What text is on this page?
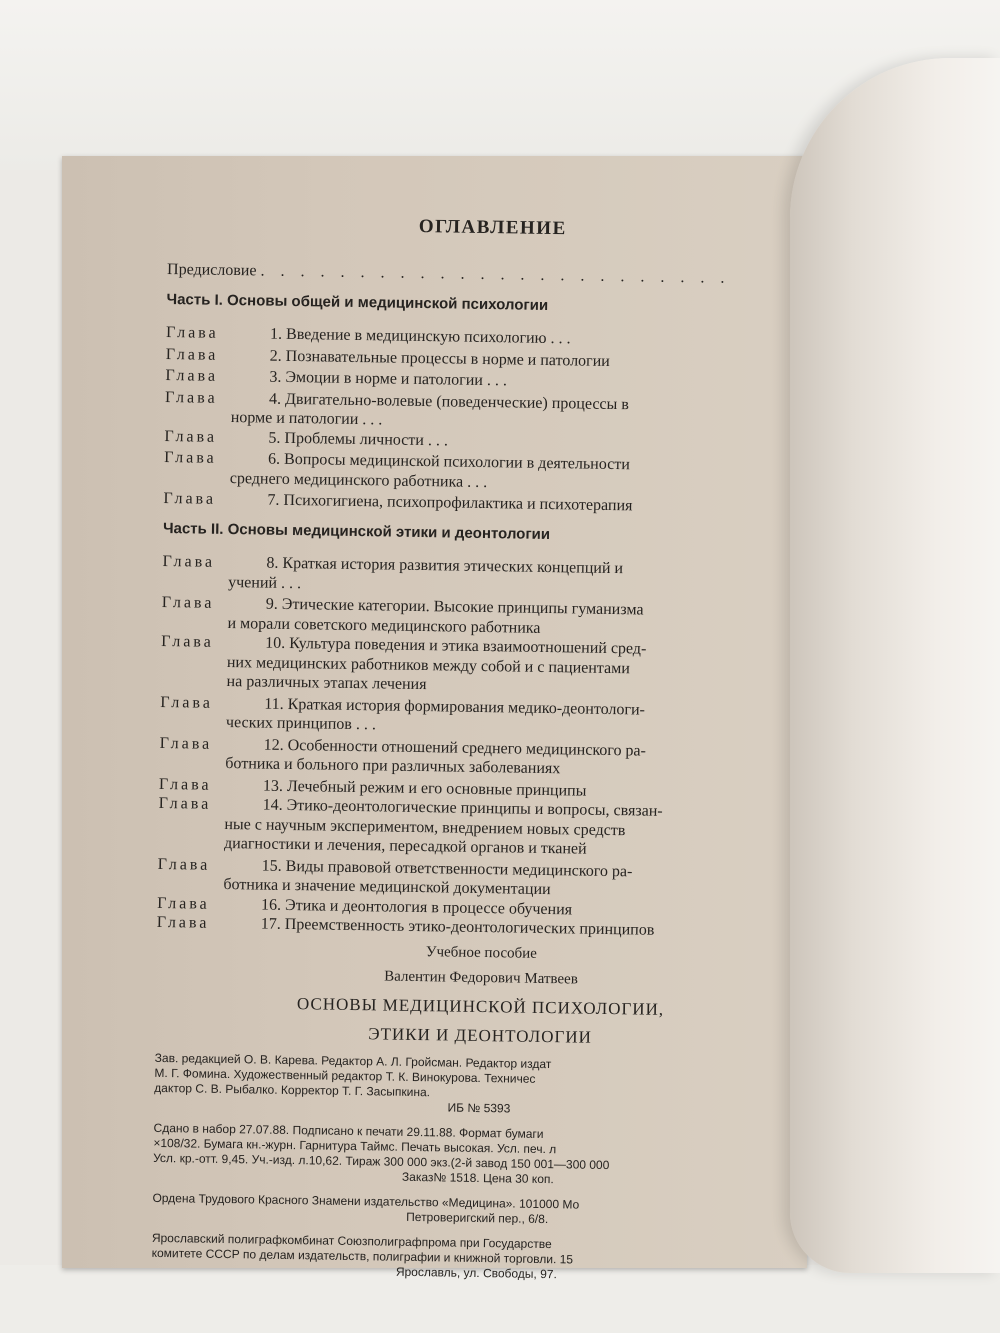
ОГЛАВЛЕНИЕ
Предисловие . . . . . . . . . . . . . . . . . . . . . . . .
Часть I. Основы общей и медицинской психологии
Глава	1. Введение в медицинскую психологию . . .
Глава	2. Познавательные процессы в норме и патологии
Глава	3. Эмоции в норме и патологии . . .
Глава	4. Двигательно-волевые (поведенческие) процессы в
норме и патологии . . .
Глава	5. Проблемы личности . . .
Глава	6. Вопросы медицинской психологии в деятельности
среднего медицинского работника . . .
Глава	7. Психогигиена, психопрофилактика и психотерапия
Часть II. Основы медицинской этики и деонтологии
Глава	8. Краткая история развития этических концепций и
учений . . .
Глава	9. Этические категории. Высокие принципы гуманизма
и морали советского медицинского работника
Глава	10. Культура поведения и этика взаимоотношений сред-
них медицинских работников между собой и с пациентами
на различных этапах лечения
Глава	11. Краткая история формирования медико-деонтологи-
ческих принципов . . .
Глава	12. Особенности отношений среднего медицинского ра-
ботника и больного при различных заболеваниях
Глава	13. Лечебный режим и его основные принципы
Глава	14. Этико-деонтологические принципы и вопросы, связан-
ные с научным экспериментом, внедрением новых средств
диагностики и лечения, пересадкой органов и тканей
Глава	15. Виды правовой ответственности медицинского ра-
ботника и значение медицинской документации
Глава	16. Этика и деонтология в процессе обучения
Глава	17. Преемственность этико-деонтологических принципов
Учебное пособие
Валентин Федорович Матвеев
ОСНОВЫ МЕДИЦИНСКОЙ ПСИХОЛОГИИ,
ЭТИКИ И ДЕОНТОЛОГИИ
Зав. редакцией О. В. Карева. Редактор А. Л. Гройсман. Редактор издат
М. Г. Фомина. Художественный редактор Т. К. Винокурова. Техничес
дактор С. В. Рыбалко. Корректор Т. Г. Засыпкина.
ИБ № 5393
Сдано в набор 27.07.88. Подписано к печати 29.11.88. Формат бумаги
×108/32. Бумага кн.-журн. Гарнитура Таймс. Печать высокая. Усл. печ. л
Усл. кр.-отт. 9,45. Уч.-изд. л.10,62. Тираж 300 000 экз.(2-й завод 150 001—300 000
Заказ№ 1518. Цена 30 коп.
Ордена Трудового Красного Знамени издательство «Медицина». 101000 Мо
Петроверигский пер., 6/8.
Ярославский полиграфкомбинат Союзполиграфпрома при Государстве
комитете СССР по делам издательств, полиграфии и книжной торговли. 15
Ярославль, ул. Свободы, 97.
